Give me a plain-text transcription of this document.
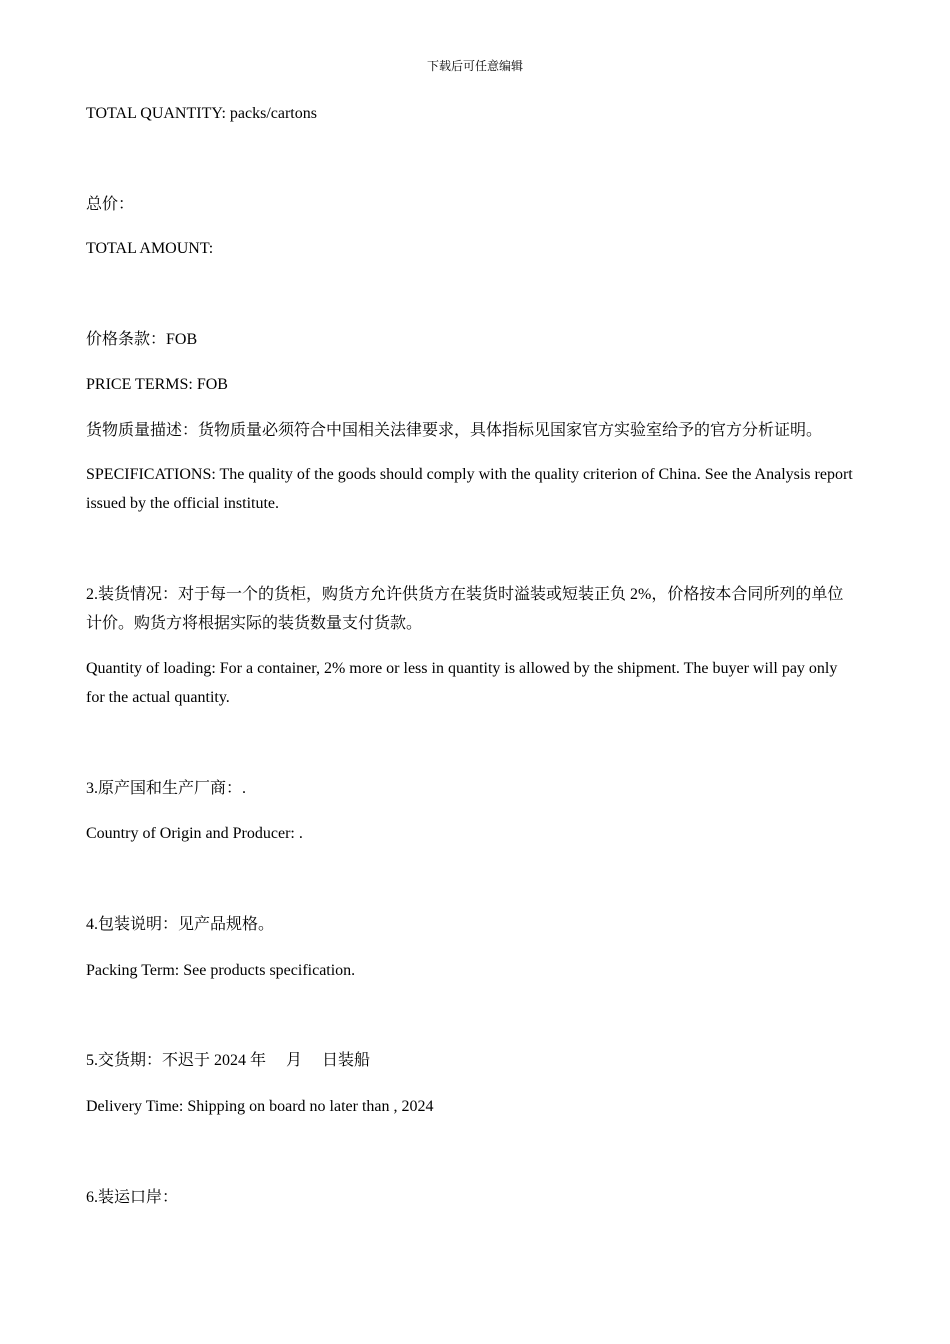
下载后可任意编辑

TOTAL QUANTITY: packs/cartons

总价：

TOTAL AMOUNT:

价格条款：FOB

PRICE TERMS: FOB

货物质量描述：货物质量必须符合中国相关法律要求，具体指标见国家官方实验室给予的官方分析证明。

SPECIFICATIONS: The quality of the goods should comply with the quality criterion of China. See the Analysis report issued by the official institute.

2.装货情况：对于每一个的货柜，购货方允许供货方在装货时溢装或短装正负 2%，价格按本合同所列的单位计价。购货方将根据实际的装货数量支付货款。

Quantity of loading: For a container, 2% more or less in quantity is allowed by the shipment. The buyer will pay only for the actual quantity.

3.原产国和生产厂商：.

Country of Origin and Producer: .

4.包装说明：见产品规格。

Packing Term: See products specification.

5.交货期：不迟于 2024 年　 月　 日装船

Delivery Time: Shipping on board no later than , 2024

6.装运口岸：
